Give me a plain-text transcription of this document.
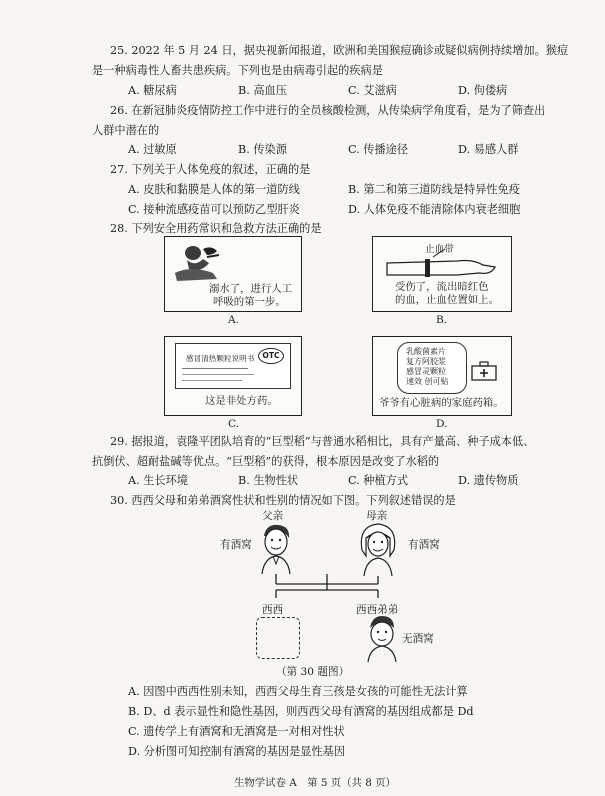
25. 2022 年 5 月 24 日，据央视新闻报道，欧洲和美国猴痘确诊或疑似病例持续增加。猴痘
是一种病毒性人畜共患疾病。下列也是由病毒引起的疾病是
A. 糖尿病	B. 高血压	C. 艾滋病	D. 佝偻病
26. 在新冠肺炎疫情防控工作中进行的全员核酸检测，从传染病学角度看，是为了筛查出
人群中潜在的
A. 过敏原	B. 传染源	C. 传播途径	D. 易感人群
27. 下列关于人体免疫的叙述，正确的是
A. 皮肤和黏膜是人体的第一道防线	B. 第二和第三道防线是特异性免疫
C. 接种流感疫苗可以预防乙型肝炎	D. 人体免疫不能清除体内衰老细胞
28. 下列安全用药常识和急救方法正确的是
溺水了，进行人工
呼吸的第一步。
A.
止血带
受伤了，流出暗红色
的血，止血位置如上。
B.
感冒清热颗粒说明书	OTC
这是非处方药。
C.
乳酸菌素片
复方阿胶浆
感冒灵颗粒
速效 创可贴
爷爷有心脏病的家庭药箱。
D.
29. 据报道，袁隆平团队培育的“巨型稻”与普通水稻相比，具有产量高、种子成本低、
抗倒伏、超耐盐碱等优点。“巨型稻”的获得，根本原因是改变了水稻的
A. 生长环境	B. 生物性状	C. 种植方式	D. 遗传物质
30. 西西父母和弟弟酒窝性状和性别的情况如下图。下列叙述错误的是
父亲	母亲
有酒窝	有酒窝
西西	西西弟弟
无酒窝
（第 30 题图）
A. 因图中西西性别未知，西西父母生育三孩是女孩的可能性无法计算
B. D、d 表示显性和隐性基因，则西西父母有酒窝的基因组成都是 Dd
C. 遗传学上有酒窝和无酒窝是一对相对性状
D. 分析图可知控制有酒窝的基因是显性基因
生物学试卷 A　第 5 页（共 8 页）
